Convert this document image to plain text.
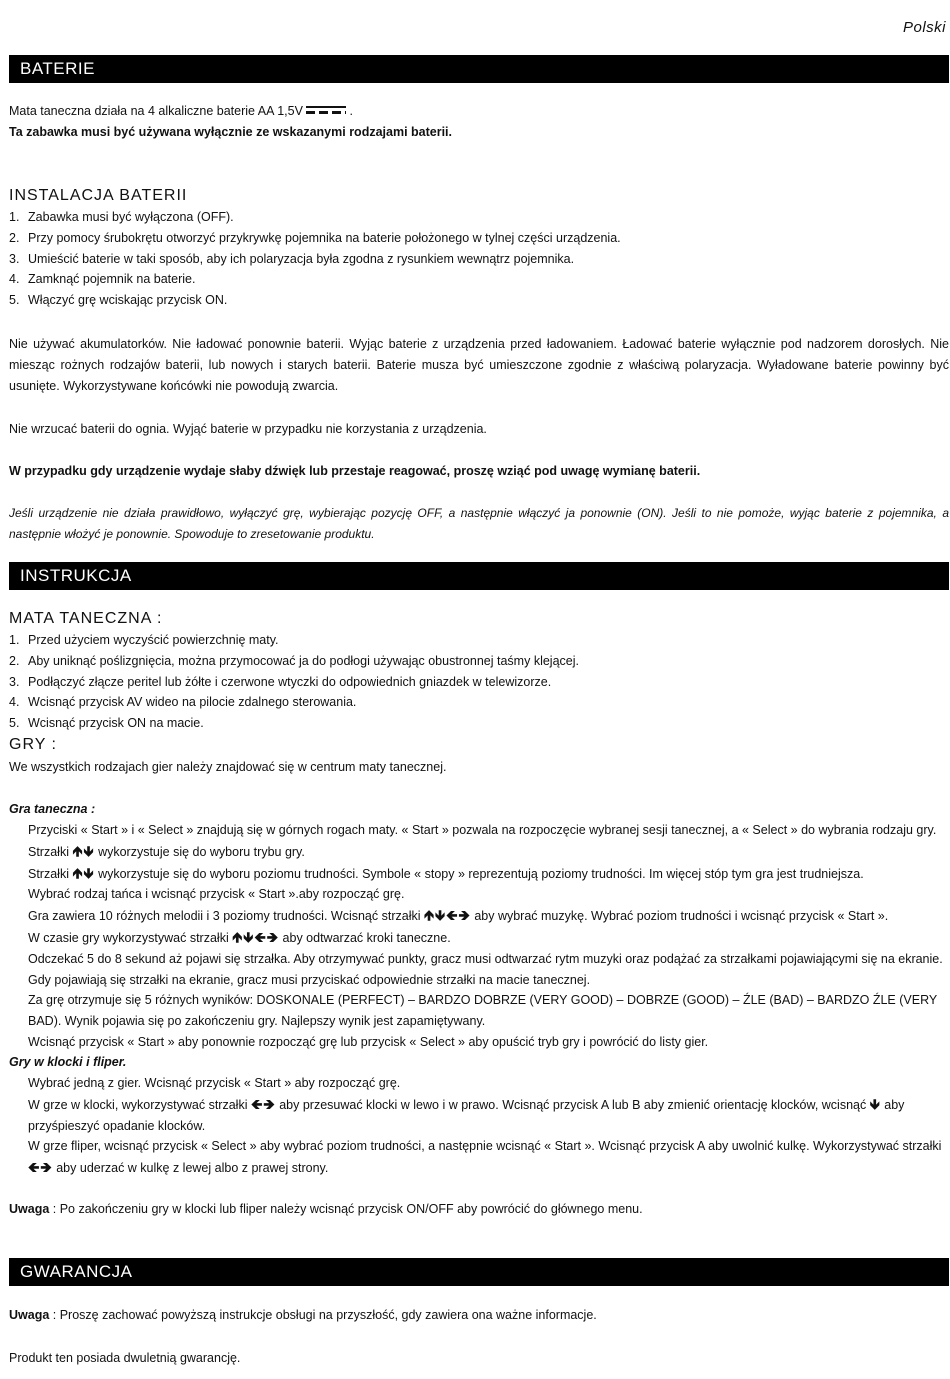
Polski
BATERIE
Mata taneczna działa na 4 alkaliczne baterie AA 1,5V	.
Ta zabawka musi być używana wyłącznie ze wskazanymi rodzajami baterii.
INSTALACJA BATERII
1. Zabawka musi być wyłączona (OFF).
2. Przy pomocy śrubokrętu otworzyć przykrywkę pojemnika na baterie położonego w tylnej części urządzenia.
3. Umieścić baterie w taki sposób, aby ich polaryzacja była zgodna z rysunkiem wewnątrz pojemnika.
4. Zamknąć pojemnik na baterie.
5. Włączyć grę wciskając przycisk ON.
Nie używać akumulatorków. Nie ładować ponownie baterii. Wyjąc baterie z urządzenia przed ładowaniem. Ładować baterie wyłącznie pod nadzorem dorosłych. Nie miesząc rożnych rodzajów baterii, lub nowych i starych baterii. Baterie musza być umieszczone zgodnie z właściwą polaryzacja. Wyładowane baterie powinny być usunięte. Wykorzystywane końcówki nie powodują zwarcia.
Nie wrzucać baterii do ognia. Wyjąć baterie w przypadku nie korzystania z urządzenia.
W przypadku gdy urządzenie wydaje słaby dźwięk lub przestaje reagować, proszę wziąć pod uwagę wymianę baterii.
Jeśli urządzenie nie działa prawidłowo, wyłączyć grę, wybierając pozycję OFF, a następnie włączyć ja ponownie (ON). Jeśli to nie pomoże, wyjąc baterie z pojemnika, a następnie włożyć je ponownie. Spowoduje to zresetowanie produktu.
INSTRUKCJA
MATA TANECZNA :
1. Przed użyciem wyczyścić powierzchnię maty.
2. Aby uniknąć poślizgnięcia, można przymocować ja do podłogi używając obustronnej taśmy klejącej.
3. Podłączyć złącze peritel lub żółte i czerwone wtyczki do odpowiednich gniazdek w telewizorze.
4. Wcisnąć przycisk AV wideo na pilocie zdalnego sterowania.
5. Wcisnąć przycisk ON na macie.
GRY :
We wszystkich rodzajach gier należy znajdować się w centrum maty tanecznej.
Gra taneczna :
Przyciski « Start » i « Select » znajdują się w górnych rogach maty. « Start » pozwala na rozpoczęcie wybranej sesji tanecznej, a « Select » do wybrania rodzaju gry.
Strzałki 🡹🡻 wykorzystuje się do wyboru trybu gry.
Strzałki 🡹🡻 wykorzystuje się do wyboru poziomu trudności. Symbole « stopy » reprezentują poziomy trudności. Im więcej stóp tym gra jest trudniejsza.
Wybrać rodzaj tańca i wcisnąć przycisk « Start ».aby rozpocząć grę.
Gra zawiera 10 różnych melodii i 3 poziomy trudności. Wcisnąć strzałki 🡹🡻🡸🡺 aby wybrać muzykę. Wybrać poziom trudności i wcisnąć przycisk « Start ».
W czasie gry wykorzystywać strzałki 🡹🡻🡸🡺 aby odtwarzać kroki taneczne.
Odczekać 5 do 8 sekund aż pojawi się strzałka. Aby otrzymywać punkty, gracz musi odtwarzać rytm muzyki oraz podążać za strzałkami pojawiającymi się na ekranie.
Gdy pojawiają się strzałki na ekranie, gracz musi przyciskać odpowiednie strzałki na macie tanecznej.
Za grę otrzymuje się 5 różnych wyników: DOSKONALE (PERFECT) – BARDZO DOBRZE (VERY GOOD) – DOBRZE (GOOD) – ŹLE (BAD) – BARDZO ŹLE (VERY BAD). Wynik pojawia się po zakończeniu gry. Najlepszy wynik jest zapamiętywany.
Wcisnąć przycisk « Start » aby ponownie rozpocząć grę lub przycisk « Select » aby opuścić tryb gry i powrócić do listy gier.
Gry w klocki i fliper.
Wybrać jedną z gier. Wcisnąć przycisk « Start » aby rozpocząć grę.
W grze w klocki, wykorzystywać strzałki 🡸🡺 aby przesuwać klocki w lewo i w prawo. Wcisnąć przycisk A lub B aby zmienić orientację klocków, wcisnąć 🡻 aby przyśpieszyć opadanie klocków.
W grze fliper, wcisnąć przycisk « Select » aby wybrać poziom trudności, a następnie wcisnąć « Start ». Wcisnąć przycisk A aby uwolnić kulkę. Wykorzystywać strzałki 🡸🡺 aby uderzać w kulkę z lewej albo z prawej strony.
Uwaga : Po zakończeniu gry w klocki lub fliper należy wcisnąć przycisk ON/OFF aby powrócić do głównego menu.
GWARANCJA
Uwaga : Proszę zachować powyższą instrukcje obsługi na przyszłość, gdy zawiera ona ważne informacje.
Produkt ten posiada dwuletnią gwarancję.
